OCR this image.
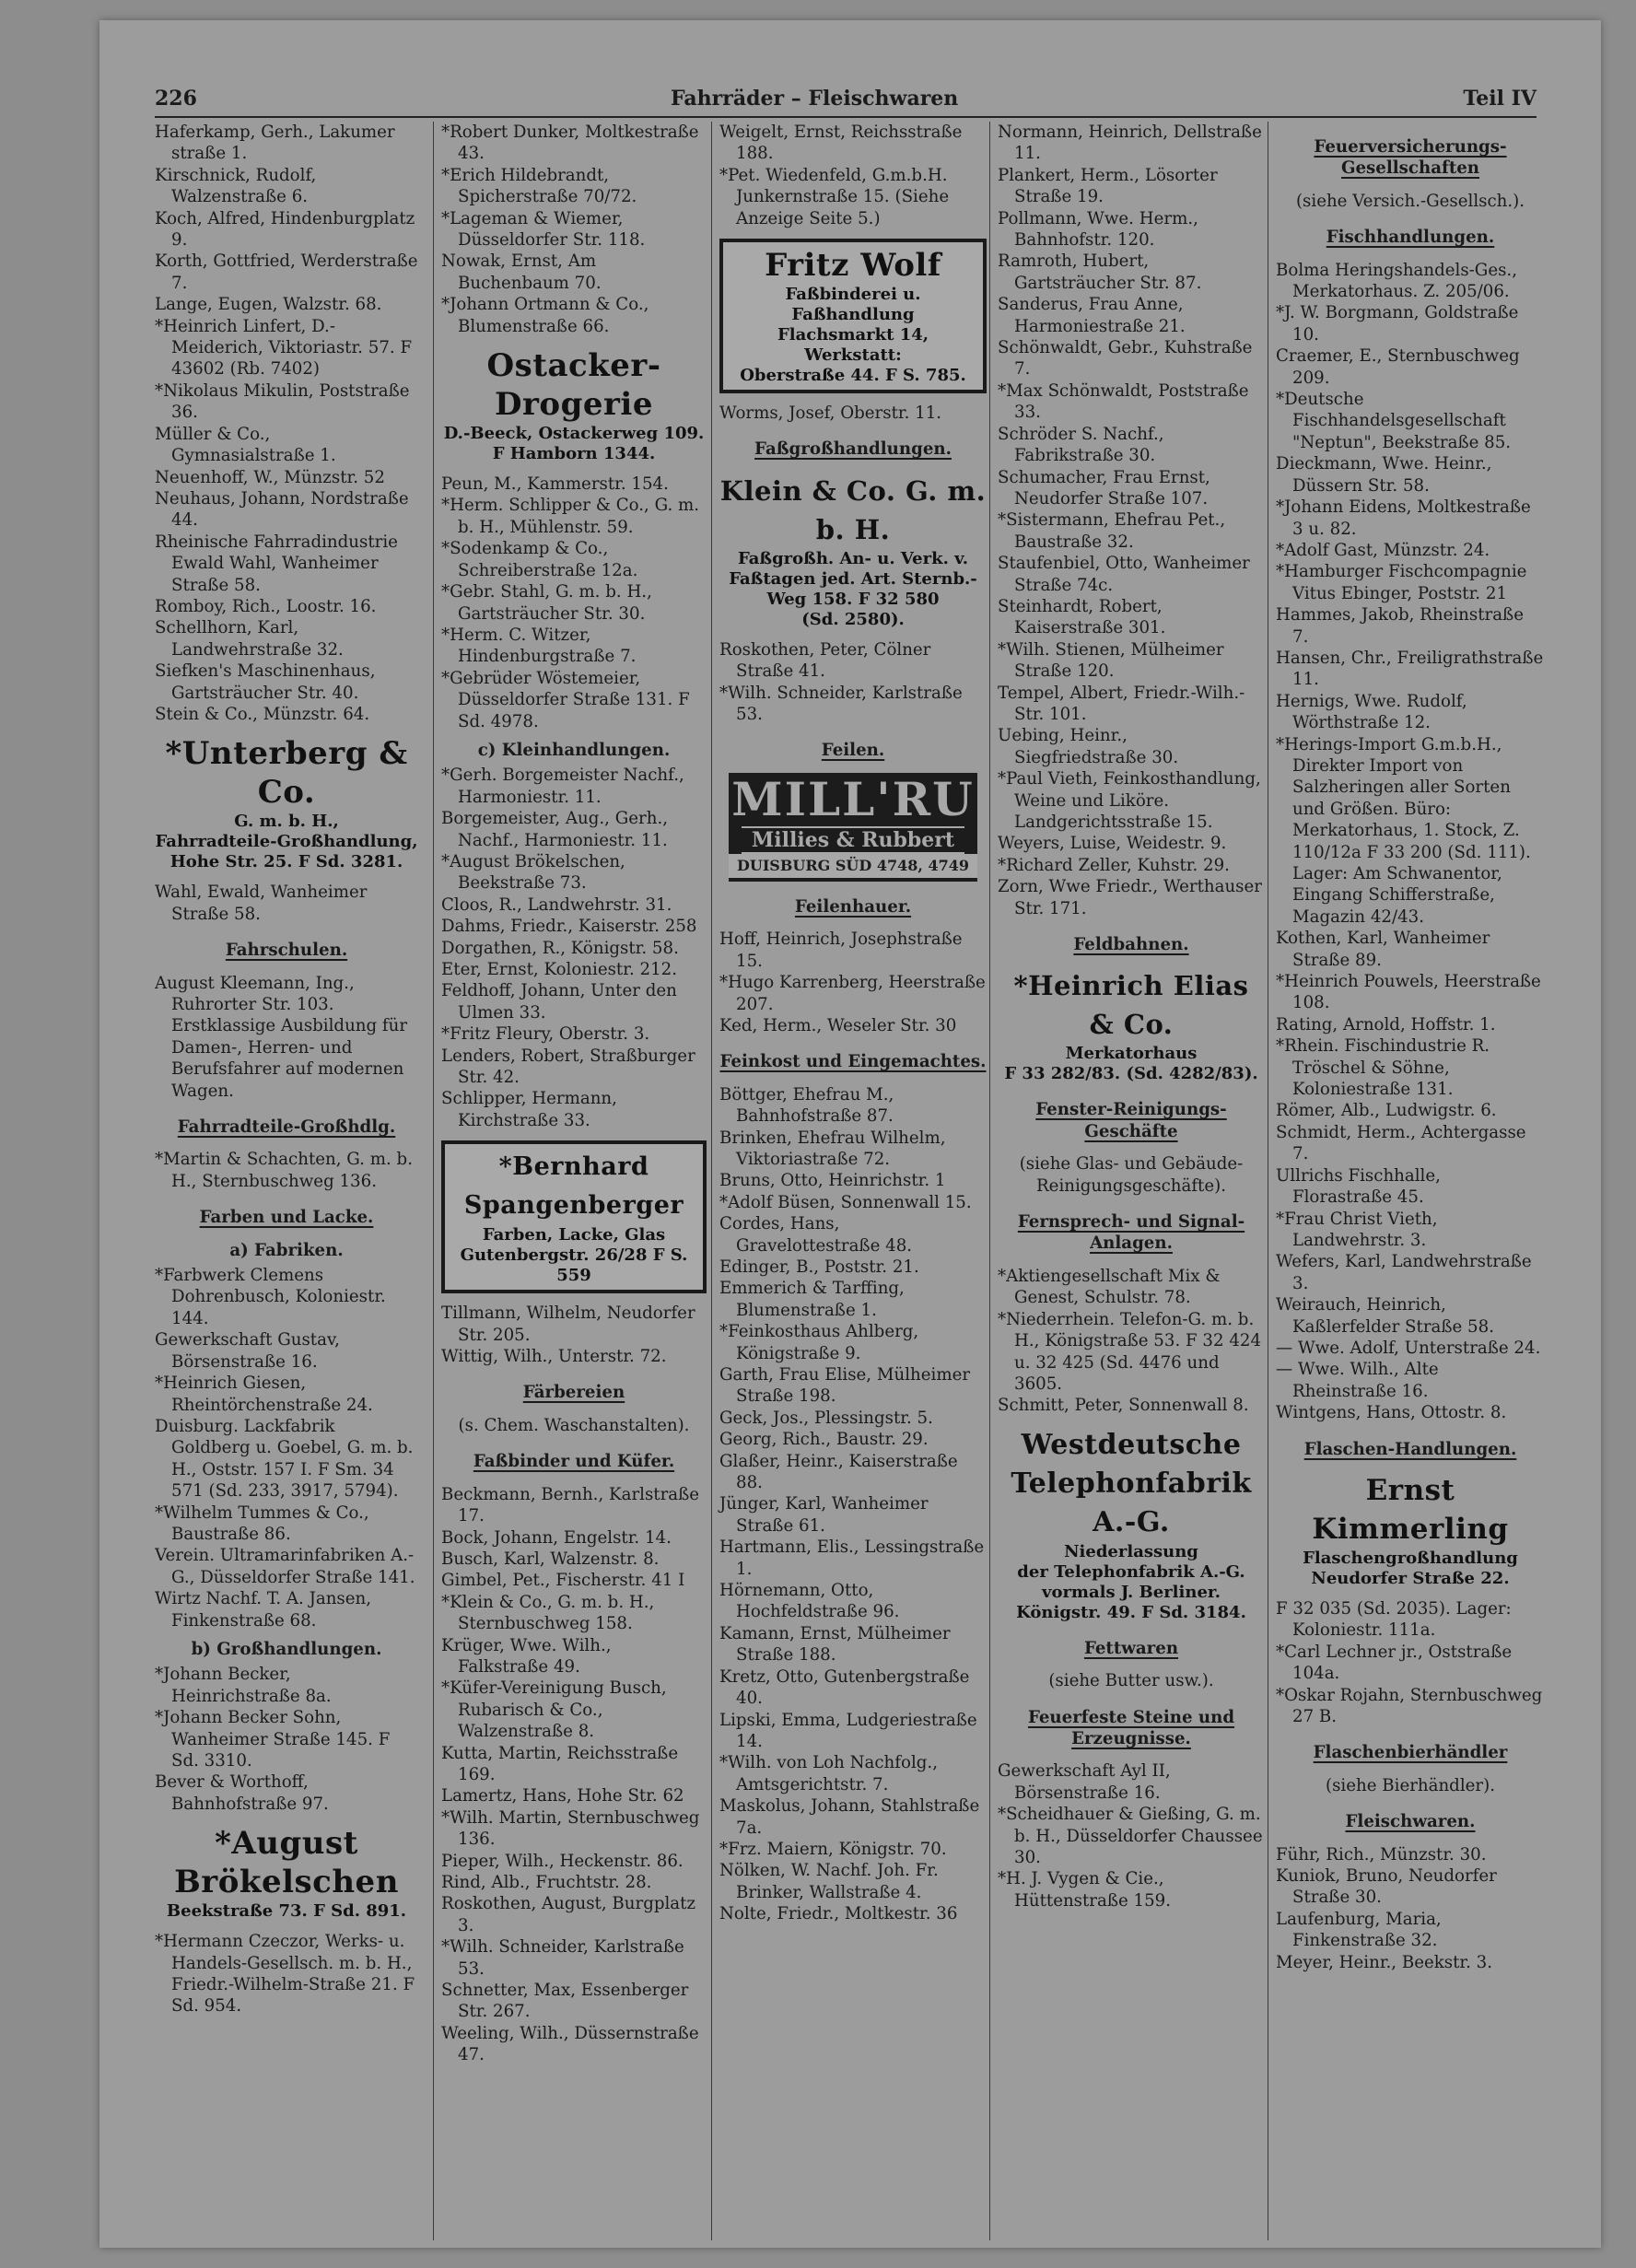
226	Fahrräder – Fleischwaren	Teil IV
Haferkamp, Gerh., Lakumer straße 1.
Kirschnick, Rudolf, Walzenstraße 6.
Koch, Alfred, Hindenburgplatz 9.
Korth, Gottfried, Werderstraße 7.
Lange, Eugen, Walzstr. 68.
*Heinrich Linfert, D.-Meiderich, Viktoriastr. 57. F 43602 (Rb. 7402)
*Nikolaus Mikulin, Poststraße 36.
Müller & Co., Gymnasialstraße 1.
Neuenhoff, W., Münzstr. 52
Neuhaus, Johann, Nordstraße 44.
Rheinische Fahrradindustrie Ewald Wahl, Wanheimer Straße 58.
Romboy, Rich., Loostr. 16.
Schellhorn, Karl, Landwehrstraße 32.
Siefken's Maschinenhaus, Gartsträucher Str. 40.
Stein & Co., Münzstr. 64.
*Unterberg & Co.
G. m. b. H.,
Fahrradteile-Großhandlung,
Hohe Str. 25. F Sd. 3281.
Wahl, Ewald, Wanheimer Straße 58.
Fahrschulen.
August Kleemann, Ing., Ruhrorter Str. 103. Erstklassige Ausbildung für Damen-, Herren- und Berufsfahrer auf modernen Wagen.
Fahrradteile-Großhdlg.
*Martin & Schachten, G. m. b. H., Sternbuschweg 136.
Farben und Lacke.
a) Fabriken.
*Farbwerk Clemens Dohrenbusch, Koloniestr. 144.
Gewerkschaft Gustav, Börsenstraße 16.
*Heinrich Giesen, Rheintörchenstraße 24.
Duisburg. Lackfabrik Goldberg u. Goebel, G. m. b. H., Oststr. 157 I. F Sm. 34 571 (Sd. 233, 3917, 5794).
*Wilhelm Tummes & Co., Baustraße 86.
Verein. Ultramarinfabriken A.-G., Düsseldorfer Straße 141.
Wirtz Nachf. T. A. Jansen, Finkenstraße 68.
b) Großhandlungen.
*Johann Becker, Heinrichstraße 8a.
*Johann Becker Sohn, Wanheimer Straße 145. F Sd. 3310.
Bever & Worthoff, Bahnhofstraße 97.
*August Brökelschen
Beekstraße 73. F Sd. 891.
*Hermann Czeczor, Werks- u. Handels-Gesellsch. m. b. H., Friedr.-Wilhelm-Straße 21. F Sd. 954.
*Robert Dunker, Moltkestraße 43.
*Erich Hildebrandt, Spicherstraße 70/72.
*Lageman & Wiemer, Düsseldorfer Str. 118.
Nowak, Ernst, Am Buchenbaum 70.
*Johann Ortmann & Co., Blumenstraße 66.
Ostacker-Drogerie
D.-Beeck, Ostackerweg 109.
F Hamborn 1344.
Peun, M., Kammerstr. 154.
*Herm. Schlipper & Co., G. m. b. H., Mühlenstr. 59.
*Sodenkamp & Co., Schreiberstraße 12a.
*Gebr. Stahl, G. m. b. H., Gartsträucher Str. 30.
*Herm. C. Witzer, Hindenburgstraße 7.
*Gebrüder Wöstemeier, Düsseldorfer Straße 131. F Sd. 4978.
c) Kleinhandlungen.
*Gerh. Borgemeister Nachf., Harmoniestr. 11.
Borgemeister, Aug., Gerh., Nachf., Harmoniestr. 11.
*August Brökelschen, Beekstraße 73.
Cloos, R., Landwehrstr. 31.
Dahms, Friedr., Kaiserstr. 258
Dorgathen, R., Königstr. 58.
Eter, Ernst, Koloniestr. 212.
Feldhoff, Johann, Unter den Ulmen 33.
*Fritz Fleury, Oberstr. 3.
Lenders, Robert, Straßburger Str. 42.
Schlipper, Hermann, Kirchstraße 33.
*Bernhard Spangenberger
Farben, Lacke, Glas
Gutenbergstr. 26/28 F S. 559
Tillmann, Wilhelm, Neudorfer Str. 205.
Wittig, Wilh., Unterstr. 72.
Färbereien
(s. Chem. Waschanstalten).
Faßbinder und Küfer.
Beckmann, Bernh., Karlstraße 17.
Bock, Johann, Engelstr. 14.
Busch, Karl, Walzenstr. 8.
Gimbel, Pet., Fischerstr. 41 I
*Klein & Co., G. m. b. H., Sternbuschweg 158.
Krüger, Wwe. Wilh., Falkstraße 49.
*Küfer-Vereinigung Busch, Rubarisch & Co., Walzenstraße 8.
Kutta, Martin, Reichsstraße 169.
Lamertz, Hans, Hohe Str. 62
*Wilh. Martin, Sternbuschweg 136.
Pieper, Wilh., Heckenstr. 86.
Rind, Alb., Fruchtstr. 28.
Roskothen, August, Burgplatz 3.
*Wilh. Schneider, Karlstraße 53.
Schnetter, Max, Essenberger Str. 267.
Weeling, Wilh., Düssernstraße 47.
Weigelt, Ernst, Reichsstraße 188.
*Pet. Wiedenfeld, G.m.b.H. Junkernstraße 15. (Siehe Anzeige Seite 5.)
Fritz Wolf
Faßbinderei u. Faßhandlung
Flachsmarkt 14, Werkstatt:
Oberstraße 44. F S. 785.
Worms, Josef, Oberstr. 11.
Faßgroßhandlungen.
Klein & Co. G. m. b. H.
Faßgroßh. An- u. Verk. v.
Faßtagen jed. Art. Sternb.-
Weg 158. F 32 580
(Sd. 2580).
Roskothen, Peter, Cölner Straße 41.
*Wilh. Schneider, Karlstraße 53.
Feilen.
MILL'RU
Millies & Rubbert
DUISBURG SÜD 4748, 4749
Feilenhauer.
Hoff, Heinrich, Josephstraße 15.
*Hugo Karrenberg, Heerstraße 207.
Ked, Herm., Weseler Str. 30
Feinkost und Eingemachtes.
Böttger, Ehefrau M., Bahnhofstraße 87.
Brinken, Ehefrau Wilhelm, Viktoriastraße 72.
Bruns, Otto, Heinrichstr. 1
*Adolf Büsen, Sonnenwall 15.
Cordes, Hans, Gravelottestraße 48.
Edinger, B., Poststr. 21.
Emmerich & Tarffing, Blumenstraße 1.
*Feinkosthaus Ahlberg, Königstraße 9.
Garth, Frau Elise, Mülheimer Straße 198.
Geck, Jos., Plessingstr. 5.
Georg, Rich., Baustr. 29.
Glaßer, Heinr., Kaiserstraße 88.
Jünger, Karl, Wanheimer Straße 61.
Hartmann, Elis., Lessingstraße 1.
Hörnemann, Otto, Hochfeldstraße 96.
Kamann, Ernst, Mülheimer Straße 188.
Kretz, Otto, Gutenbergstraße 40.
Lipski, Emma, Ludgeriestraße 14.
*Wilh. von Loh Nachfolg., Amtsgerichtstr. 7.
Maskolus, Johann, Stahlstraße 7a.
*Frz. Maiern, Königstr. 70.
Nölken, W. Nachf. Joh. Fr. Brinker, Wallstraße 4.
Nolte, Friedr., Moltkestr. 36
Normann, Heinrich, Dellstraße 11.
Plankert, Herm., Lösorter Straße 19.
Pollmann, Wwe. Herm., Bahnhofstr. 120.
Ramroth, Hubert, Gartsträucher Str. 87.
Sanderus, Frau Anne, Harmoniestraße 21.
Schönwaldt, Gebr., Kuhstraße 7.
*Max Schönwaldt, Poststraße 33.
Schröder S. Nachf., Fabrikstraße 30.
Schumacher, Frau Ernst, Neudorfer Straße 107.
*Sistermann, Ehefrau Pet., Baustraße 32.
Staufenbiel, Otto, Wanheimer Straße 74c.
Steinhardt, Robert, Kaiserstraße 301.
*Wilh. Stienen, Mülheimer Straße 120.
Tempel, Albert, Friedr.-Wilh.-Str. 101.
Uebing, Heinr., Siegfriedstraße 30.
*Paul Vieth, Feinkosthandlung, Weine und Liköre. Landgerichtsstraße 15.
Weyers, Luise, Weidestr. 9.
*Richard Zeller, Kuhstr. 29.
Zorn, Wwe Friedr., Werthauser Str. 171.
Feldbahnen.
*Heinrich Elias & Co.
Merkatorhaus
F 33 282/83. (Sd. 4282/83).
Fenster-Reinigungs-Geschäfte
(siehe Glas- und Gebäude-Reinigungsgeschäfte).
Fernsprech- und Signal-Anlagen.
*Aktiengesellschaft Mix & Genest, Schulstr. 78.
*Niederrhein. Telefon-G. m. b. H., Königstraße 53. F 32 424 u. 32 425 (Sd. 4476 und 3605.
Schmitt, Peter, Sonnenwall 8.
Westdeutsche Telephonfabrik A.-G.
Niederlassung
der Telephonfabrik A.-G.
vormals J. Berliner.
Königstr. 49. F Sd. 3184.
Fettwaren
(siehe Butter usw.).
Feuerfeste Steine und Erzeugnisse.
Gewerkschaft Ayl II, Börsenstraße 16.
*Scheidhauer & Gießing, G. m. b. H., Düsseldorfer Chaussee 30.
*H. J. Vygen & Cie., Hüttenstraße 159.
Feuerversicherungs-Gesellschaften
(siehe Versich.-Gesellsch.).
Fischhandlungen.
Bolma Heringshandels-Ges., Merkatorhaus. Z. 205/06.
*J. W. Borgmann, Goldstraße 10.
Craemer, E., Sternbuschweg 209.
*Deutsche Fischhandelsgesellschaft "Neptun", Beekstraße 85.
Dieckmann, Wwe. Heinr., Düssern Str. 58.
*Johann Eidens, Moltkestraße 3 u. 82.
*Adolf Gast, Münzstr. 24.
*Hamburger Fischcompagnie Vitus Ebinger, Poststr. 21
Hammes, Jakob, Rheinstraße 7.
Hansen, Chr., Freiligrathstraße 11.
Hernigs, Wwe. Rudolf, Wörthstraße 12.
*Herings-Import G.m.b.H., Direkter Import von Salzheringen aller Sorten und Größen. Büro: Merkatorhaus, 1. Stock, Z. 110/12a F 33 200 (Sd. 111). Lager: Am Schwanentor, Eingang Schifferstraße, Magazin 42/43.
Kothen, Karl, Wanheimer Straße 89.
*Heinrich Pouwels, Heerstraße 108.
Rating, Arnold, Hoffstr. 1.
*Rhein. Fischindustrie R. Tröschel & Söhne, Koloniestraße 131.
Römer, Alb., Ludwigstr. 6.
Schmidt, Herm., Achtergasse 7.
Ullrichs Fischhalle, Florastraße 45.
*Frau Christ Vieth, Landwehrstr. 3.
Wefers, Karl, Landwehrstraße 3.
Weirauch, Heinrich, Kaßlerfelder Straße 58.
— Wwe. Adolf, Unterstraße 24.
— Wwe. Wilh., Alte Rheinstraße 16.
Wintgens, Hans, Ottostr. 8.
Flaschen-Handlungen.
Ernst Kimmerling
Flaschengroßhandlung
Neudorfer Straße 22.
F 32 035 (Sd. 2035). Lager: Koloniestr. 111a.
*Carl Lechner jr., Oststraße 104a.
*Oskar Rojahn, Sternbuschweg 27 B.
Flaschenbierhändler
(siehe Bierhändler).
Fleischwaren.
Führ, Rich., Münzstr. 30.
Kuniok, Bruno, Neudorfer Straße 30.
Laufenburg, Maria, Finkenstraße 32.
Meyer, Heinr., Beekstr. 3.
